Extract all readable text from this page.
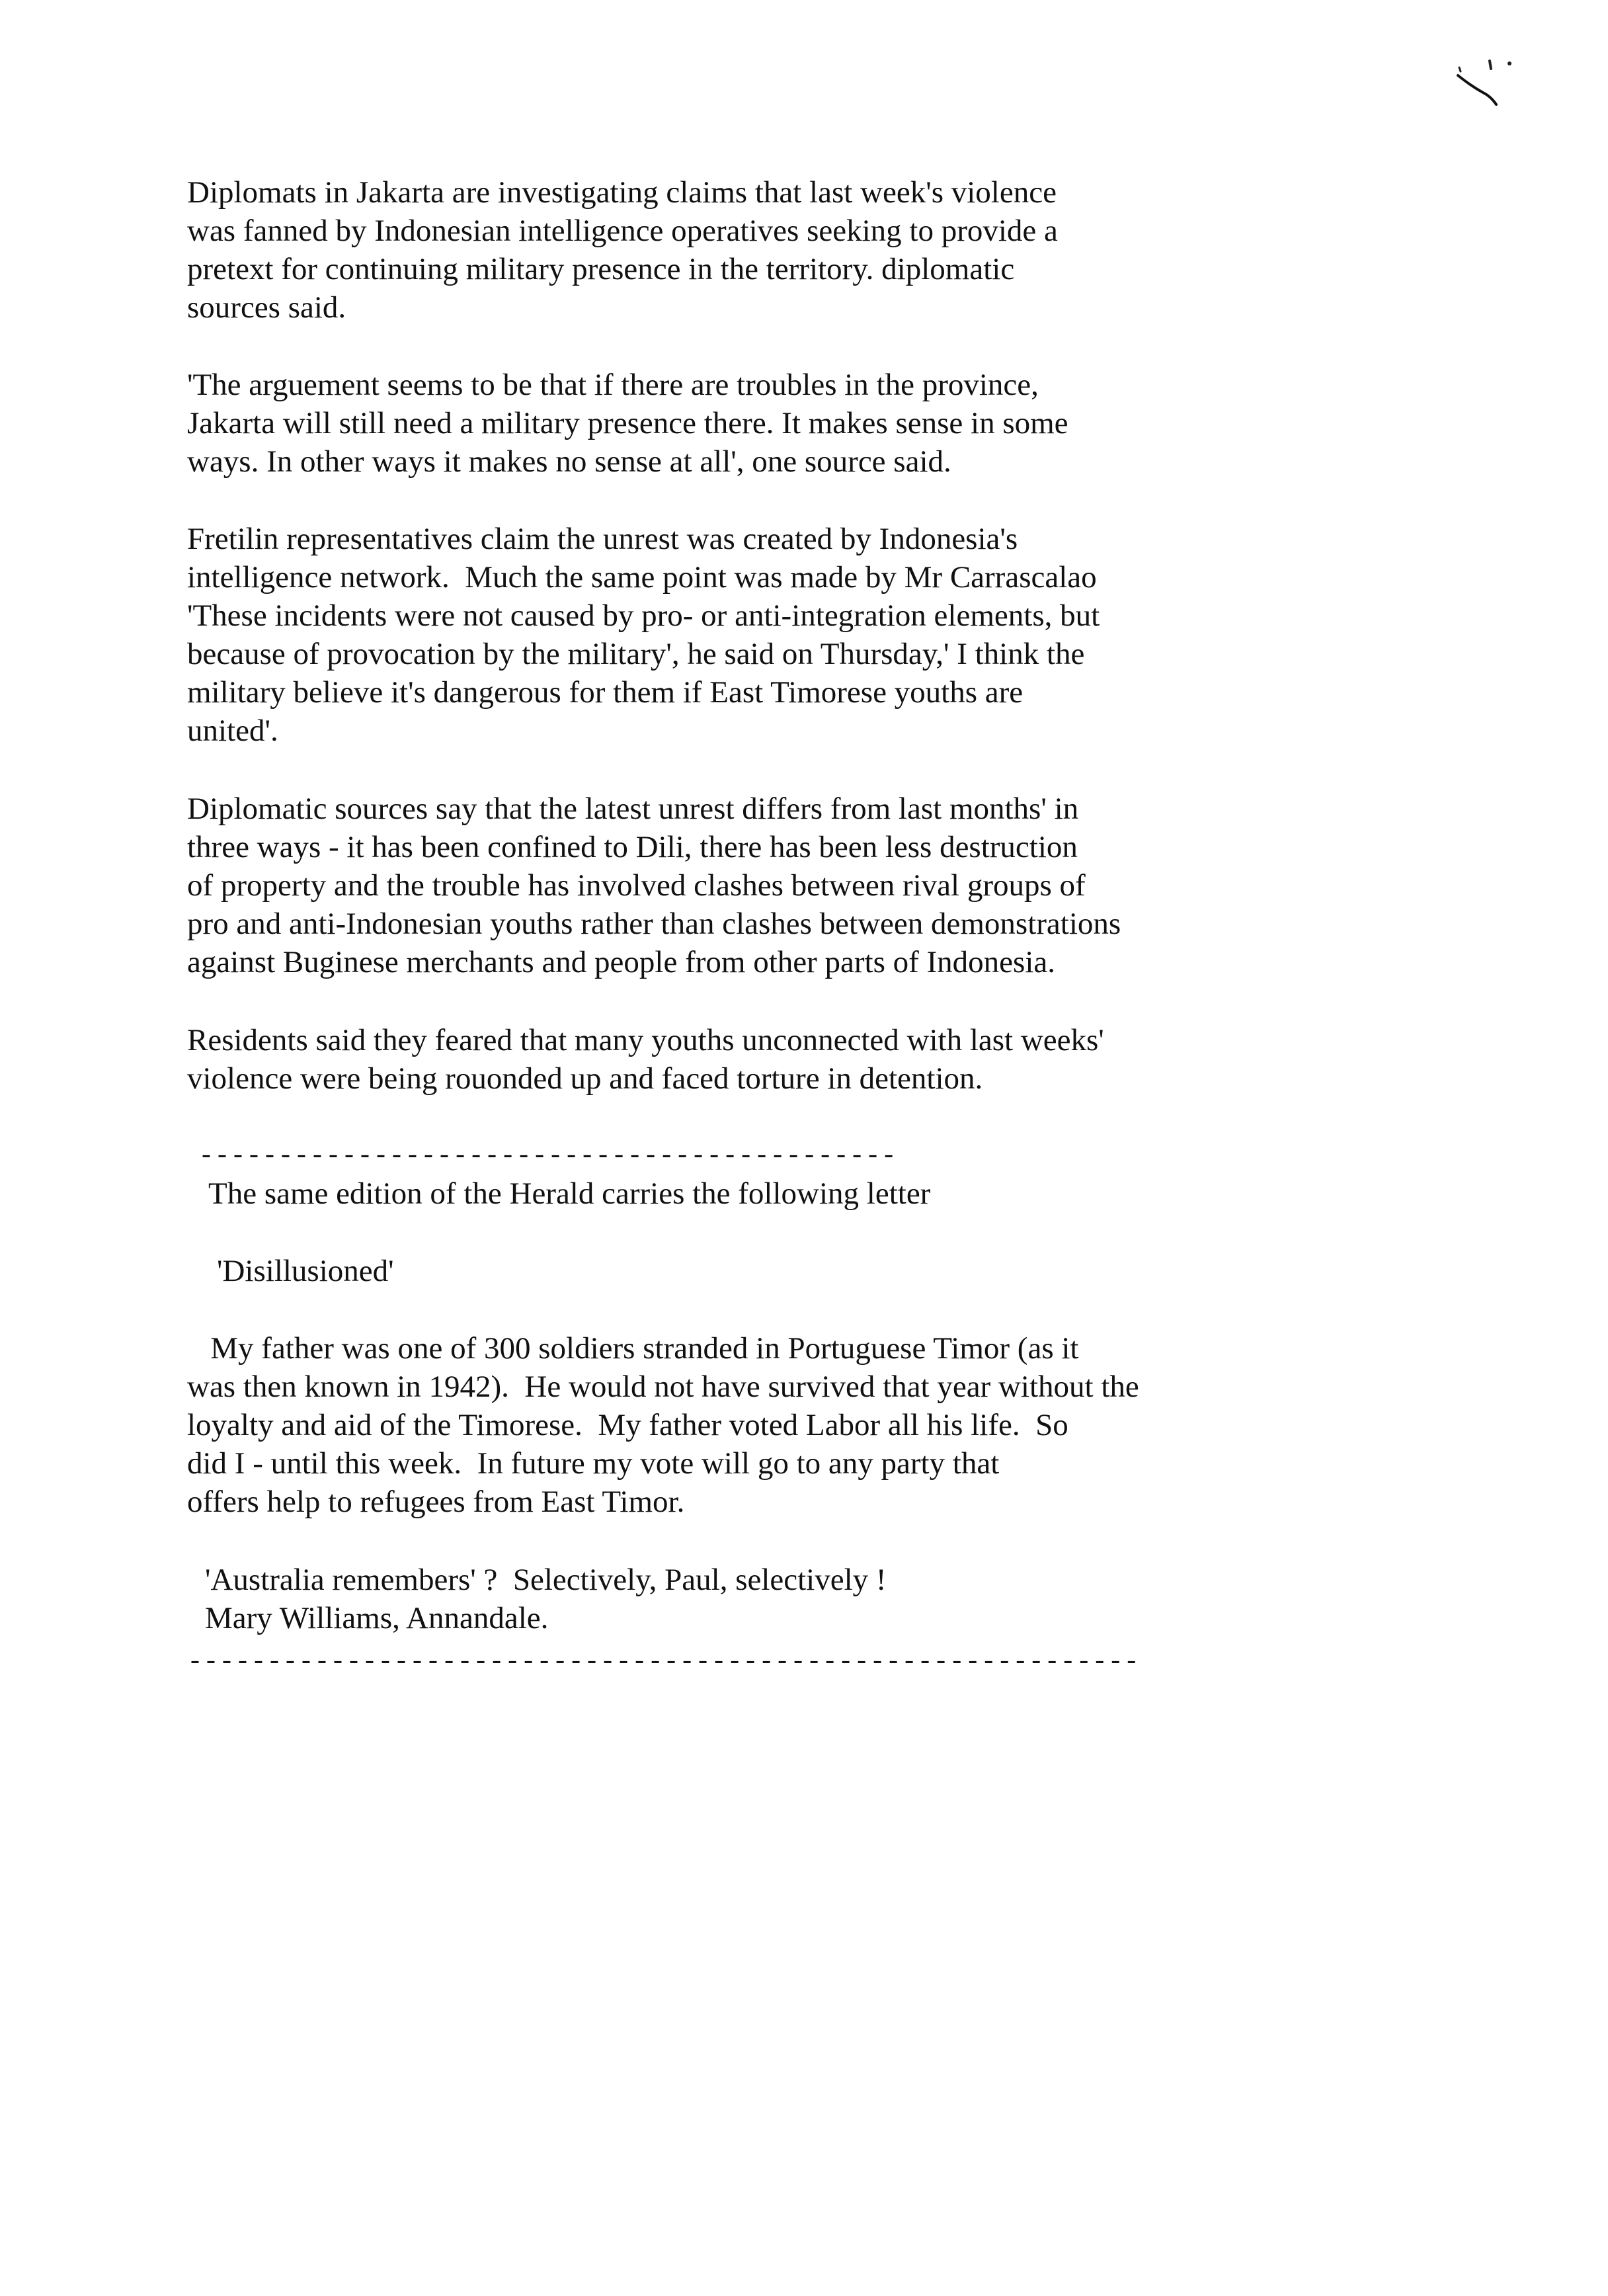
Diplomats in Jakarta are investigating claims that last week's violence
was fanned by Indonesian intelligence operatives seeking to provide a
pretext for continuing military presence in the territory. diplomatic
sources said.

'The arguement seems to be that if there are troubles in the province,
Jakarta will still need a military presence there. It makes sense in some
ways. In other ways it makes no sense at all', one source said.

Fretilin representatives claim the unrest was created by Indonesia's
intelligence network.  Much the same point was made by Mr Carrascalao
'These incidents were not caused by pro- or anti-integration elements, but
because of provocation by the military', he said on Thursday,' I think the
military believe it's dangerous for them if East Timorese youths are
united'.

Diplomatic sources say that the latest unrest differs from last months' in
three ways - it has been confined to Dili, there has been less destruction
of property and the trouble has involved clashes between rival groups of
pro and anti-Indonesian youths rather than clashes between demonstrations
against Buginese merchants and people from other parts of Indonesia.

Residents said they feared that many youths unconnected with last weeks'
violence were being rouonded up and faced torture in detention.

--------------------------------------------

The same edition of the Herald carries the following letter

'Disillusioned'

My father was one of 300 soldiers stranded in Portuguese Timor (as it
was then known in 1942).  He would not have survived that year without the
loyalty and aid of the Timorese.  My father voted Labor all his life.  So
did I - until this week.  In future my vote will go to any party that
offers help to refugees from East Timor.

'Australia remembers' ?  Selectively, Paul, selectively !
Mary Williams, Annandale.

------------------------------------------------------------
